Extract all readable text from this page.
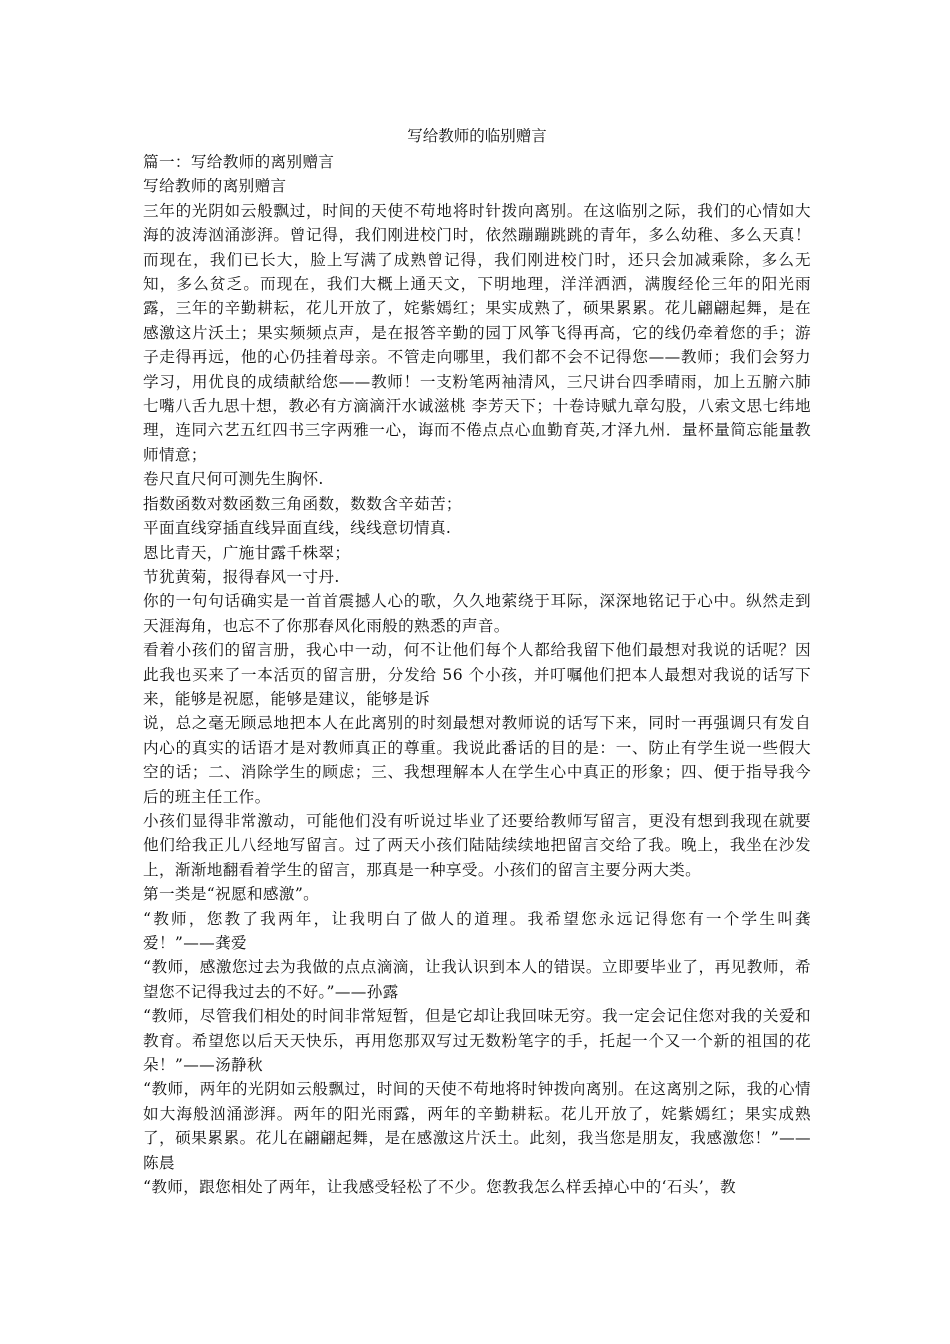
写给教师的临别赠言

篇一：写给教师的离别赠言

写给教师的离别赠言

三年的光阴如云般飘过，时间的天使不苟地将时针拨向离别。在这临别之际，我们的心情如大海的波涛汹涌澎湃。曾记得，我们刚进校门时，依然蹦蹦跳跳的青年，多么幼稚、多么天真！而现在，我们已长大，脸上写满了成熟曾记得，我们刚进校门时，还只会加减乘除，多么无知，多么贫乏。而现在，我们大概上通天文，下明地理，洋洋洒洒，满腹经伦三年的阳光雨露，三年的辛勤耕耘，花儿开放了，姹紫嫣红；果实成熟了，硕果累累。花儿翩翩起舞，是在感激这片沃土；果实频频点声，是在报答辛勤的园丁风筝飞得再高，它的线仍牵着您的手；游子走得再远，他的心仍挂着母亲。不管走向哪里，我们都不会不记得您——教师；我们会努力学习，用优良的成绩献给您——教师！一支粉笔两袖清风，三尺讲台四季晴雨，加上五腑六肺七嘴八舌九思十想，教必有方滴滴汗水诚滋桃 李芳天下；十卷诗赋九章勾股，八索文思七纬地理，连同六艺五红四书三字两雅一心，诲而不倦点点心血勤育英,才泽九州．量杯量简忘能量教师情意；

卷尺直尺何可测先生胸怀.

指数函数对数函数三角函数，数数含辛茹苦；

平面直线穿插直线异面直线，线线意切情真.

恩比青天，广施甘露千株翠；

节犹黄菊，报得春风一寸丹.

你的一句句话确实是一首首震撼人心的歌，久久地萦绕于耳际，深深地铭记于心中。纵然走到天涯海角，也忘不了你那春风化雨般的熟悉的声音。

看着小孩们的留言册，我心中一动，何不让他们每个人都给我留下他们最想对我说的话呢？因此我也买来了一本活页的留言册，分发给 56 个小孩，并叮嘱他们把本人最想对我说的话写下来，能够是祝愿，能够是建议，能够是诉

说，总之毫无顾忌地把本人在此离别的时刻最想对教师说的话写下来，同时一再强调只有发自内心的真实的话语才是对教师真正的尊重。我说此番话的目的是：一、防止有学生说一些假大空的话；二、消除学生的顾虑；三、我想理解本人在学生心中真正的形象；四、便于指导我今后的班主任工作。

小孩们显得非常激动，可能他们没有听说过毕业了还要给教师写留言，更没有想到我现在就要他们给我正儿八经地写留言。过了两天小孩们陆陆续续地把留言交给了我。晚上，我坐在沙发上，渐渐地翻看着学生的留言，那真是一种享受。小孩们的留言主要分两大类。

第一类是“祝愿和感激”。

“教师，您教了我两年，让我明白了做人的道理。我希望您永远记得您有一个学生叫龚爱！”——龚爱

“教师，感激您过去为我做的点点滴滴，让我认识到本人的错误。立即要毕业了，再见教师，希望您不记得我过去的不好。”——孙露

“教师，尽管我们相处的时间非常短暂，但是它却让我回味无穷。我一定会记住您对我的关爱和教育。希望您以后天天快乐，再用您那双写过无数粉笔字的手，托起一个又一个新的祖国的花朵！”——汤静秋

“教师，两年的光阴如云般飘过，时间的天使不苟地将时钟拨向离别。在这离别之际，我的心情如大海般汹涌澎湃。两年的阳光雨露，两年的辛勤耕耘。花儿开放了，姹紫嫣红；果实成熟了，硕果累累。花儿在翩翩起舞，是在感激这片沃土。此刻，我当您是朋友，我感激您！”——陈晨

“教师，跟您相处了两年，让我感受轻松了不少。您教我怎么样丢掉心中的‘石头’，教
